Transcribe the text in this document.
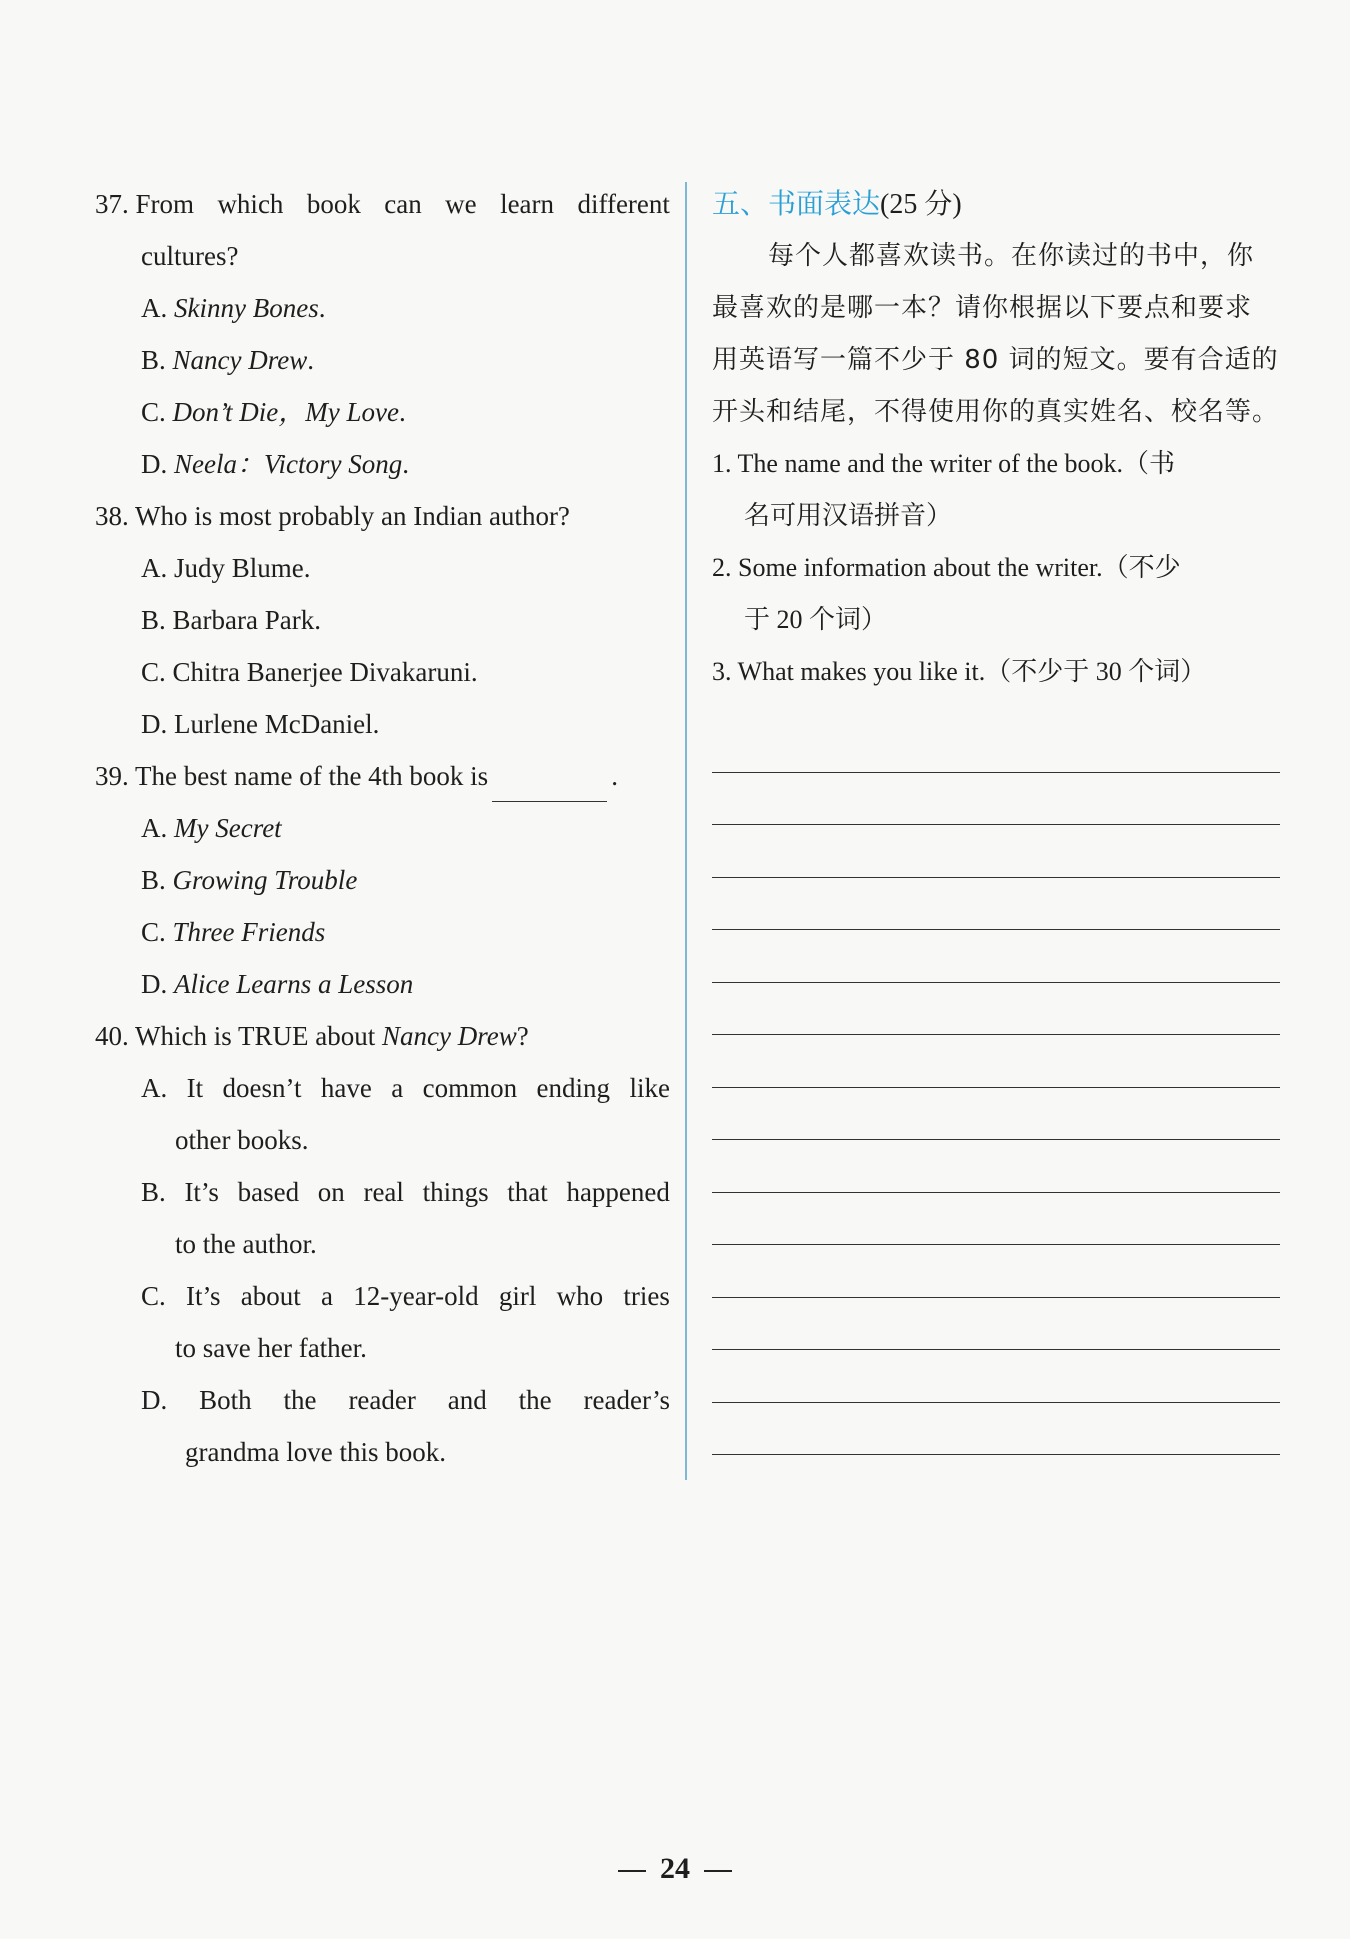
37. From which book can we learn different
cultures?
A. Skinny Bones.
B. Nancy Drew.
C. Don’t Die，My Love.
D. Neela：Victory Song.
38. Who is most probably an Indian author?
A. Judy Blume.
B. Barbara Park.
C. Chitra Banerjee Divakaruni.
D. Lurlene McDaniel.
39. The best name of the 4th book is	.
A. My Secret
B. Growing Trouble
C. Three Friends
D. Alice Learns a Lesson
40. Which is TRUE about Nancy Drew?
A. It doesn’t have a common ending like
other books.
B. It’s based on real things that happened
to the author.
C. It’s about a 12-year-old girl who tries
to save her father.
D. Both the reader and the reader’s
grandma love this book.
五、书面表达(25 分)
每个人都喜欢读书。在你读过的书中，你
最喜欢的是哪一本？请你根据以下要点和要求
用英语写一篇不少于 80 词的短文。要有合适的
开头和结尾，不得使用你的真实姓名、校名等。
1. The name and the writer of the book.（书
名可用汉语拼音）
2. Some information about the writer.（不少
于 20 个词）
3. What makes you like it.（不少于 30 个词）
24
